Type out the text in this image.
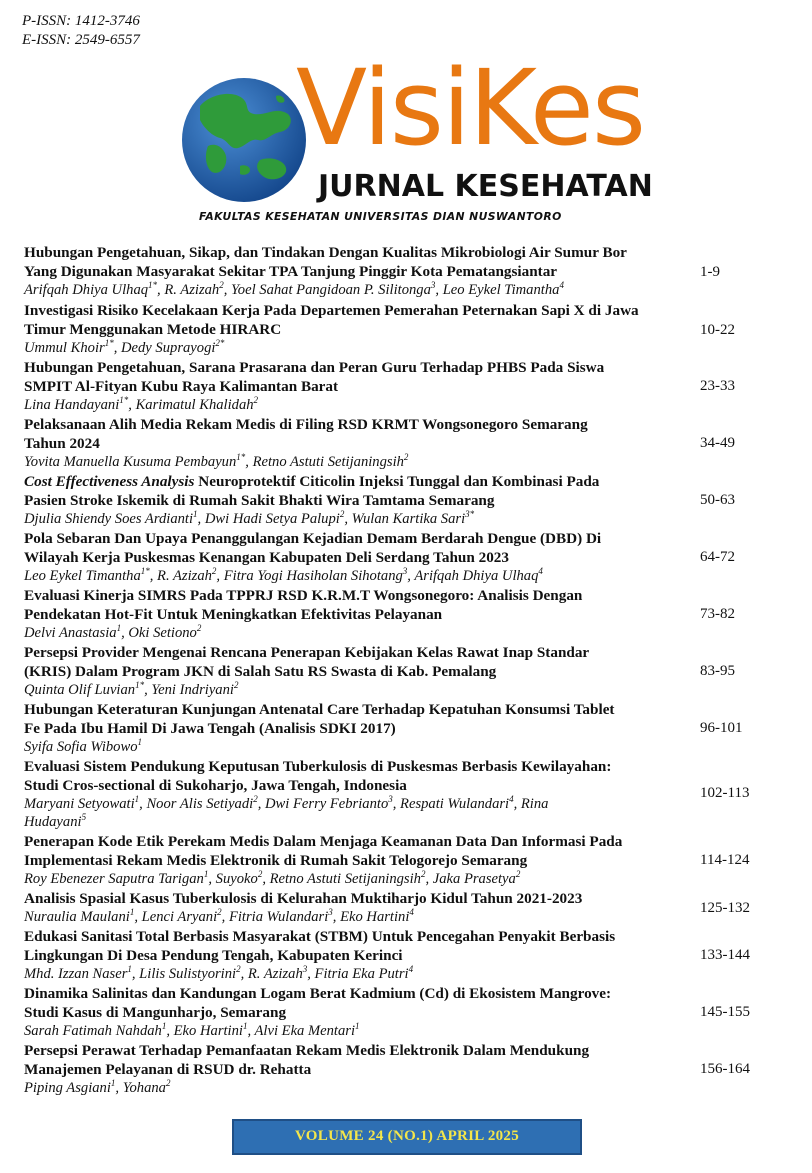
P-ISSN: 1412-3746
E-ISSN: 2549-6557
VisiKes
JURNAL KESEHATAN
FAKULTAS KESEHATAN UNIVERSITAS DIAN NUSWANTORO

Hubungan Pengetahuan, Sikap, dan Tindakan Dengan Kualitas Mikrobiologi Air Sumur Bor
Yang Digunakan Masyarakat Sekitar TPA Tanjung Pinggir Kota Pematangsiantar

Arifqah Dhiya Ulhaq$^{1*}$, R. Azizah$^2$, Yoel Sahat Pangidoan P. Silitonga$^3$, Leo Eykel Timantha$^4$

1-9

Investigasi Risiko Kecelakaan Kerja Pada Departemen Pemerahan Peternakan Sapi X di Jawa
Timur Menggunakan Metode HIRARC

Ummul Khoir$^{1*}$, Dedy Suprayogi$^{2*}$

10-22

Hubungan Pengetahuan, Sarana Prasarana dan Peran Guru Terhadap PHBS Pada Siswa
SMPIT Al-Fityan Kubu Raya Kalimantan Barat

Lina Handayani$^{1*}$, Karimatul Khalidah$^2$

23-33

Pelaksanaan Alih Media Rekam Medis di Filing RSD KRMT Wongsonegoro Semarang
Tahun 2024

Yovita Manuella Kusuma Pembayun$^{1*}$, Retno Astuti Setijaningsih$^2$

34-49

Cost Effectiveness Analysis Neuroprotektif Citicolin Injeksi Tunggal dan Kombinasi Pada
Pasien Stroke Iskemik di Rumah Sakit Bhakti Wira Tamtama Semarang

Djulia Shiendy Soes Ardianti$^1$, Dwi Hadi Setya Palupi$^2$, Wulan Kartika Sari$^{3*}$

50-63

Pola Sebaran Dan Upaya Penanggulangan Kejadian Demam Berdarah Dengue (DBD) Di
Wilayah Kerja Puskesmas Kenangan Kabupaten Deli Serdang Tahun 2023

Leo Eykel Timantha$^{1*}$, R. Azizah$^2$, Fitra Yogi Hasiholan Sihotang$^3$, Arifqah Dhiya Ulhaq$^4$

64-72

Evaluasi Kinerja SIMRS Pada TPPRJ RSD K.R.M.T Wongsonegoro: Analisis Dengan
Pendekatan Hot-Fit Untuk Meningkatkan Efektivitas Pelayanan

Delvi Anastasia$^1$, Oki Setiono$^2$

73-82

Persepsi Provider Mengenai Rencana Penerapan Kebijakan Kelas Rawat Inap Standar
(KRIS) Dalam Program JKN di Salah Satu RS Swasta di Kab. Pemalang

Quinta Olif Luvian$^{1*}$, Yeni Indriyani$^2$

83-95

Hubungan Keteraturan Kunjungan Antenatal Care Terhadap Kepatuhan Konsumsi Tablet
Fe Pada Ibu Hamil Di Jawa Tengah (Analisis SDKI 2017)

Syifa Sofia Wibowo$^1$

96-101

Evaluasi Sistem Pendukung Keputusan Tuberkulosis di Puskesmas Berbasis Kewilayahan:
Studi Cros-sectional di Sukoharjo, Jawa Tengah, Indonesia

Maryani Setyowati$^1$, Noor Alis Setiyadi$^2$, Dwi Ferry Febrianto$^3$, Respati Wulandari$^4$, Rina
Hudayani$^5$

102-113

Penerapan Kode Etik Perekam Medis Dalam Menjaga Keamanan Data Dan Informasi Pada
Implementasi Rekam Medis Elektronik di Rumah Sakit Telogorejo Semarang

Roy Ebenezer Saputra Tarigan$^1$, Suyoko$^2$, Retno Astuti Setijaningsih$^2$, Jaka Prasetya$^2$

114-124

Analisis Spasial Kasus Tuberkulosis di Kelurahan Muktiharjo Kidul Tahun 2021-2023

Nuraulia Maulani$^1$, Lenci Aryani$^2$, Fitria Wulandari$^3$, Eko Hartini$^4$	125-132

Edukasi Sanitasi Total Berbasis Masyarakat (STBM) Untuk Pencegahan Penyakit Berbasis
Lingkungan Di Desa Pendung Tengah, Kabupaten Kerinci

Mhd. Izzan Naser$^1$, Lilis Sulistyorini$^2$, R. Azizah$^3$, Fitria Eka Putri$^4$

133-144

Dinamika Salinitas dan Kandungan Logam Berat Kadmium (Cd) di Ekosistem Mangrove:
Studi Kasus di Mangunharjo, Semarang

Sarah Fatimah Nahdah$^1$, Eko Hartini$^1$, Alvi Eka Mentari$^1$

145-155

Persepsi Perawat Terhadap Pemanfaatan Rekam Medis Elektronik Dalam Mendukung
Manajemen Pelayanan di RSUD dr. Rehatta

Piping Asgiani$^1$, Yohana$^2$

156-164
VOLUME 24 (NO.1) APRIL 2025
